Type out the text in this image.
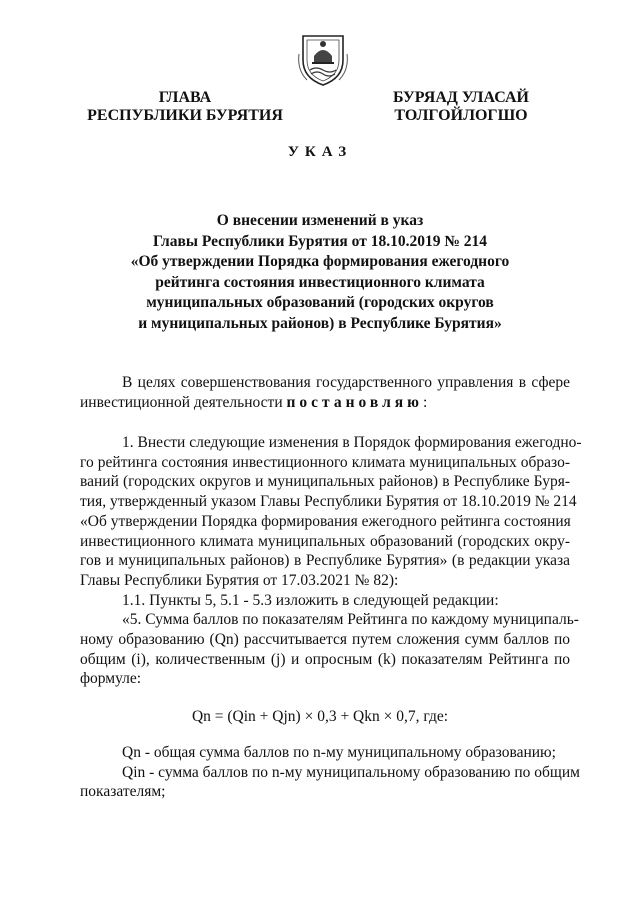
ГЛАВА
РЕСПУБЛИКИ БУРЯТИЯ
БУРЯАД УЛАСАЙ
ТОЛГОЙЛОГШО
УКАЗ
О внесении изменений в указ
Главы Республики Бурятия от 18.10.2019 № 214
«Об утверждении Порядка формирования ежегодного
рейтинга состояния инвестиционного климата
муниципальных образований (городских округов
и муниципальных районов) в Республике Бурятия»
В целях совершенствования государственного управления в сфере
инвестиционной деятельности постановляю:
1. Внести следующие изменения в Порядок формирования ежегодно-
го рейтинга состояния инвестиционного климата муниципальных образо-
ваний (городских округов и муниципальных районов) в Республике Буря-
тия, утвержденный указом Главы Республики Бурятия от 18.10.2019 № 214
«Об утверждении Порядка формирования ежегодного рейтинга состояния
инвестиционного климата муниципальных образований (городских окру-
гов и муниципальных районов) в Республике Бурятия» (в редакции указа
Главы Республики Бурятия от 17.03.2021 № 82):
1.1. Пункты 5, 5.1 - 5.3 изложить в следующей редакции:
«5. Сумма баллов по показателям Рейтинга по каждому муниципаль-
ному образованию (Qn) рассчитывается путем сложения сумм баллов по
общим (i), количественным (j) и опросным (k) показателям Рейтинга по
формуле:
Qn = (Qin + Qjn) × 0,3 + Qkn × 0,7, где:
Qn - общая сумма баллов по n-му муниципальному образованию;
Qin - сумма баллов по n-му муниципальному образованию по общим
показателям;
